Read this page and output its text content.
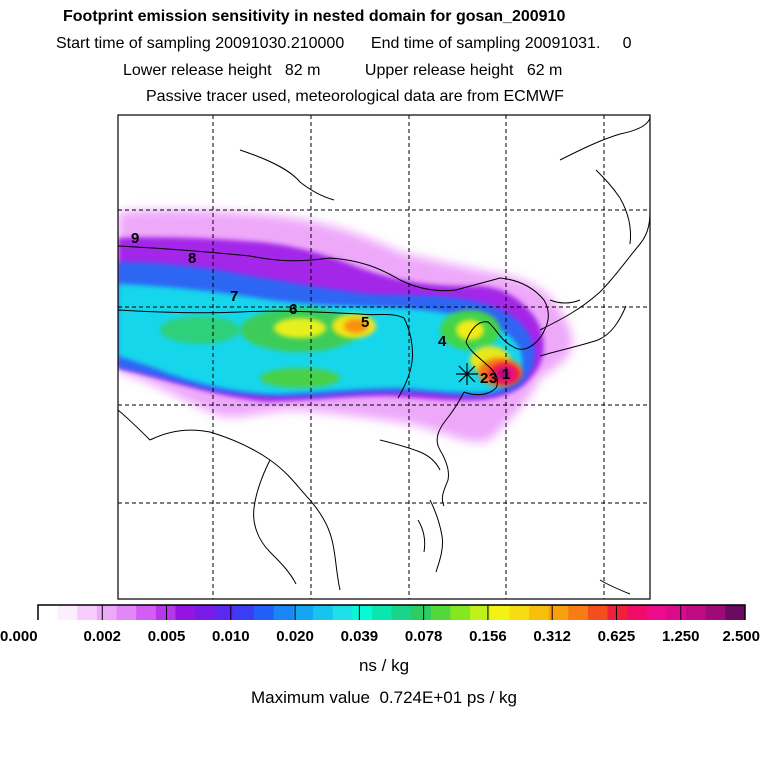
Footprint emission sensitivity in nested domain for gosan_200910
Start time of sampling 20091030.210000 End time of sampling 20091031. 0
Lower release height 82 m	Upper release height 62 m
Passive tracer used, meteorological data are from ECMWF
9
8
7
6
5
4
3
2 1
0.000	0.002 0.005 0.010 0.020 0.039 0.078 0.156 0.312 0.625 1.250 2.500
ns / kg
Maximum value 0.724E+01 ps / kg
